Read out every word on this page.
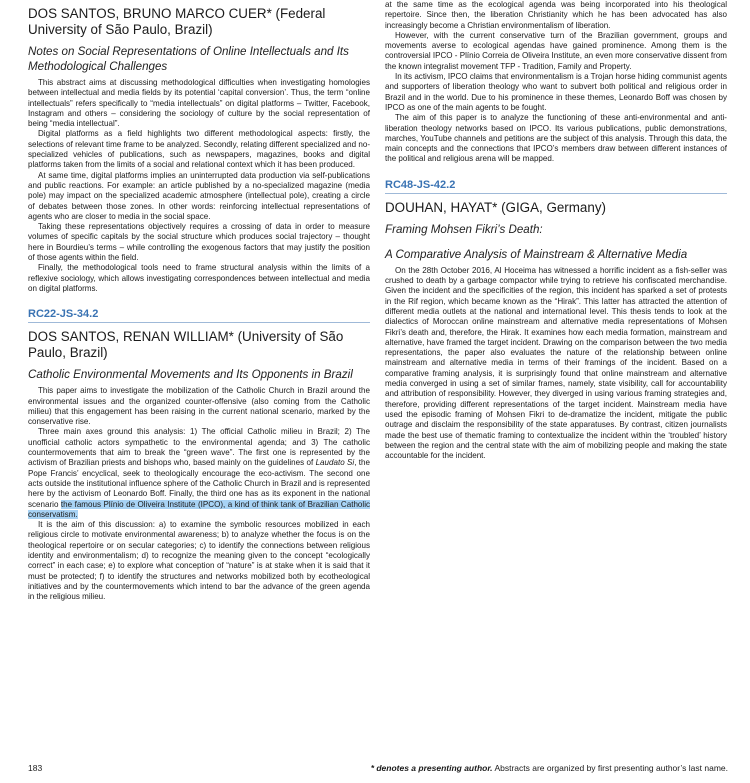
DOS SANTOS, BRUNO MARCO CUER* (Federal University of São Paulo, Brazil)

Notes on Social Representations of Online Intellectuals and Its Methodological Challenges

This abstract aims at discussing methodological difficulties when investigating homologies between intellectual and media fields by its potential ‘capital conversion’. Thus, the term “online intellectuals” refers specifically to “media intellectuals” on digital platforms – Twitter, Facebook, Instagram and others – considering the sociology of culture by the social representation of being “media intellectual”.

Digital platforms as a field highlights two different methodological aspects: firstly, the selections of relevant time frame to be analyzed. Secondly, relating different specialized and no-specialized vehicles of publications, such as newspapers, magazines, books and digital platforms taken from the limits of a social and relational context which it has been produced.

At same time, digital platforms implies an uninterrupted data production via self-publications and public reactions. For example: an article published by a no-specialized magazine (media pole) may impact on the specialized academic atmosphere (intellectual pole), creating a circle of debates between those zones. In other words: reinforcing intellectual representations of agents who are closer to media in the social space.

Taking these representations objectively requires a crossing of data in order to measure volumes of specific capitals by the social structure which produces social trajectory – thought here in Bourdieu’s terms – while controlling the exogenous factors that may justify the position of those agents within the field.

Finally, the methodological tools need to frame structural analysis within the limits of a reflexive sociology, which allows investigating correspondences between intellectual and media on digital platforms.

RC22-JS-34.2

DOS SANTOS, RENAN WILLIAM* (University of São Paulo, Brazil)

Catholic Environmental Movements and Its Opponents in Brazil

This paper aims to investigate the mobilization of the Catholic Church in Brazil around the environmental issues and the organized counter-offensive (also coming from the Catholic milieu) that this engagement has been raising in the current national scenario, marked by the conservative rise.

Three main axes ground this analysis: 1) The official Catholic milieu in Brazil; 2) The unofficial catholic actors sympathetic to the environmental agenda; and 3) The catholic countermovements that aim to break the “green wave”. The first one is represented by the activism of Brazilian priests and bishops who, based mainly on the guidelines of Laudato Si, the Pope Francis’ encyclical, seek to theologically encourage the eco-activism. The second one acts outside the institutional influence sphere of the Catholic Church in Brazil and is represented here by the activism of Leonardo Boff. Finally, the third one has as its exponent in the national scenario the famous Plínio de Oliveira Institute (IPCO), a kind of think tank of Brazilian Catholic conservatism.

It is the aim of this discussion: a) to examine the symbolic resources mobilized in each religious circle to motivate environmental awareness; b) to analyze whether the focus is on the theological repertoire or on secular categories; c) to identify the connections between religious identity and environmentalism; d) to recognize the meaning given to the concept “ecologically correct” in each case; e) to explore what conception of “nature” is at stake when it is said that it must be protected; f) to identify the structures and networks mobilized both by ecotheological initiatives and by the countermovements which intend to bar the advance of the green agenda in the religious milieu.

at the same time as the ecological agenda was being incorporated into his theological repertoire. Since then, the liberation Christianity which he has been advocated has also increasingly become a Christian environmentalism of liberation.

However, with the current conservative turn of the Brazilian government, groups and movements averse to ecological agendas have gained prominence. Among them is the controversial IPCO - Plínio Correia de Oliveira Institute, an even more conservative dissent from the known integralist movement TFP - Tradition, Family and Property.

In its activism, IPCO claims that environmentalism is a Trojan horse hiding communist agents and supporters of liberation theology who want to subvert both political and religious order in Brazil and in the world. Due to his prominence in these themes, Leonardo Boff was chosen by IPCO as one of the main agents to be fought.

The aim of this paper is to analyze the functioning of these anti-environmental and anti-liberation theology networks based on IPCO. Its various publications, public demonstrations, marches, YouTube channels and petitions are the subject of this analysis. Through this data, the main concepts and the connections that IPCO’s members draw between different instances of the political and religious arena will be mapped.

RC48-JS-42.2

DOUHAN, HAYAT* (GIGA, Germany)

Framing Mohsen Fikri’s Death:

A Comparative Analysis of Mainstream & Alternative Media

On the 28th October 2016, Al Hoceima has witnessed a horrific incident as a fish-seller was crushed to death by a garbage compactor while trying to retrieve his confiscated merchandise. Given the incident and the specificities of the region, this incident has sparked a set of protests in the Rif region, which became known as the “Hirak”. This latter has attracted the attention of different media outlets at the national and international level. This thesis tends to look at the dialectics of Moroccan online mainstream and alternative media representations of Mohsen Fikri’s death and, therefore, the Hirak. It examines how each media formation, mainstream and alternative, have framed the target incident. Drawing on the comparison between the two media representations, the paper also evaluates the nature of the relationship between online mainstream and alternative media in terms of their framings of the incident. Based on a comparative framing analysis, it is surprisingly found that online mainstream and alternative media converged in using a set of similar frames, namely, state visibility, call for accountability and attribution of responsibility. However, they diverged in using various framing strategies and, therefore, providing different representations of the target incident. Mainstream media have used the episodic framing of Mohsen Fikri to de-dramatize the incident, mitigate the public outrage and disclaim the responsibility of the state apparatuses. By contrast, citizen journalists made the best use of thematic framing to contextualize the incident within the ‘troubled’ history between the region and the central state with the aim of mobilizing people and making the state accountable for the incident.

183	* denotes a presenting author. Abstracts are organized by first presenting author’s last name.
